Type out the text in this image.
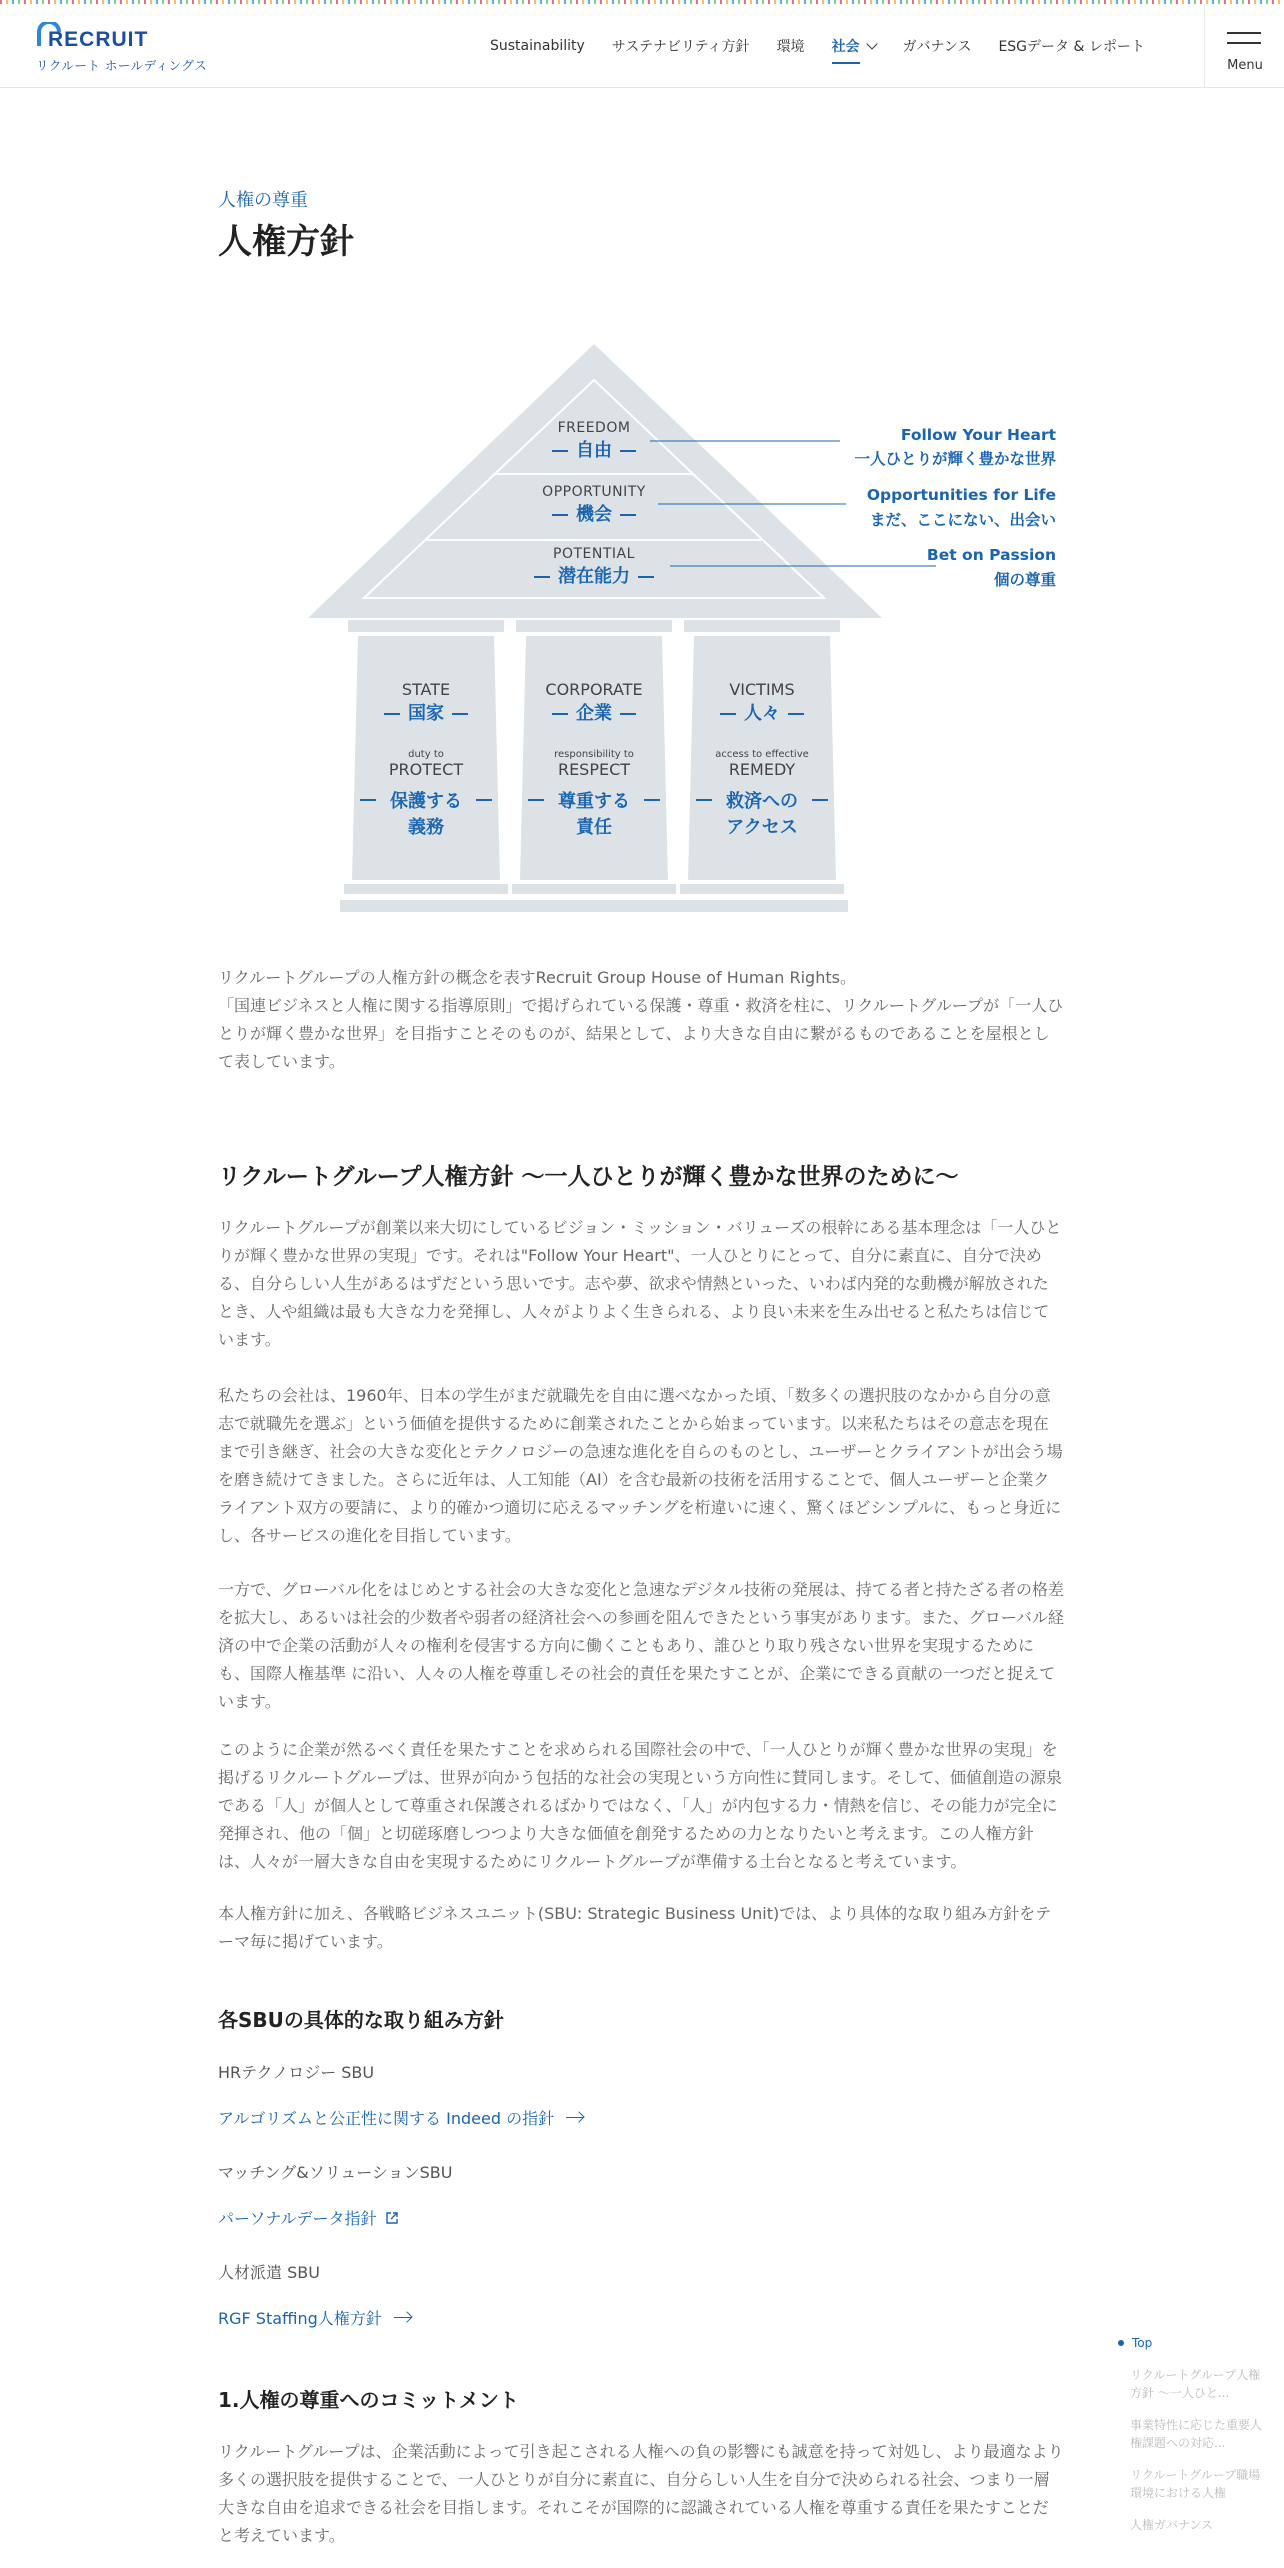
RECRUIT
リクルート ホールディングス
Sustainability サステナビリティ方針 環境 社会	ガバナンス ESGデータ & レポート
Menu
人権の尊重
人権方針
FREEDOM
自由
OPPORTUNITY
機会
POTENTIAL
潜在能力
Follow Your Heart
一人ひとりが輝く豊かな世界
Opportunities for Life
まだ、ここにない、出会い
Bet on Passion
個の尊重
STATE
国家
duty to
PROTECT
保護する
義務
CORPORATE
企業
responsibility to
RESPECT
尊重する
責任
VICTIMS
人々
access to effective
REMEDY
救済への
アクセス
リクルートグループの人権方針の概念を表すRecruit Group House of Human Rights。
「国連ビジネスと人権に関する指導原則」で掲げられている保護・尊重・救済を柱に、リクルートグループが「一人ひとりが輝く豊かな世界」を目指すことそのものが、結果として、より大きな自由に繋がるものであることを屋根として表しています。
リクルートグループ人権方針 〜一人ひとりが輝く豊かな世界のために〜

リクルートグループが創業以来大切にしているビジョン・ミッション・バリューズの根幹にある基本理念は「一人ひとりが輝く豊かな世界の実現」です。それは"Follow Your Heart"、一人ひとりにとって、自分に素直に、自分で決める、自分らしい人生があるはずだという思いです。志や夢、欲求や情熱といった、いわば内発的な動機が解放されたとき、人や組織は最も大きな力を発揮し、人々がよりよく生きられる、より良い未来を生み出せると私たちは信じています。

私たちの会社は、1960年、日本の学生がまだ就職先を自由に選べなかった頃、「数多くの選択肢のなかから自分の意志で就職先を選ぶ」という価値を提供するために創業されたことから始まっています。以来私たちはその意志を現在まで引き継ぎ、社会の大きな変化とテクノロジーの急速な進化を自らのものとし、ユーザーとクライアントが出会う場を磨き続けてきました。さらに近年は、人工知能（AI）を含む最新の技術を活用することで、個人ユーザーと企業クライアント双方の要請に、より的確かつ適切に応えるマッチングを桁違いに速く、驚くほどシンプルに、もっと身近にし、各サービスの進化を目指しています。

一方で、グローバル化をはじめとする社会の大きな変化と急速なデジタル技術の発展は、持てる者と持たざる者の格差を拡大し、あるいは社会的少数者や弱者の経済社会への参画を阻んできたという事実があります。また、グローバル経済の中で企業の活動が人々の権利を侵害する方向に働くこともあり、誰ひとり取り残さない世界を実現するためにも、国際人権基準 に沿い、人々の人権を尊重しその社会的責任を果たすことが、企業にできる貢献の一つだと捉えています。

このように企業が然るべく責任を果たすことを求められる国際社会の中で、「一人ひとりが輝く豊かな世界の実現」を掲げるリクルートグループは、世界が向かう包括的な社会の実現という方向性に賛同します。そして、価値創造の源泉である「人」が個人として尊重され保護されるばかりではなく、「人」が内包する力・情熱を信じ、その能力が完全に発揮され、他の「個」と切磋琢磨しつつより大きな価値を創発するための力となりたいと考えます。この人権方針は、人々が一層大きな自由を実現するためにリクルートグループが準備する土台となると考えています。

本人権方針に加え、各戦略ビジネスユニット(SBU: Strategic Business Unit)では、より具体的な取り組み方針をテーマ毎に掲げています。

各SBUの具体的な取り組み方針
HRテクノロジー SBU
アルゴリズムと公正性に関する Indeed の指針
マッチング&ソリューションSBU
パーソナルデータ指針
人材派遣 SBU
RGF Staffing人権方針
1.人権の尊重へのコミットメント

リクルートグループは、企業活動によって引き起こされる人権への負の影響にも誠意を持って対処し、より最適なより多くの選択肢を提供することで、一人ひとりが自分に素直に、自分らしい人生を自分で決められる社会、つまり一層大きな自由を追求できる社会を目指します。それこそが国際的に認識されている人権を尊重する責任を果たすことだと考えています。

Top
リクルートグループ人権方針 〜一人ひと...
事業特性に応じた重要人権課題への対応...
リクルートグループ職場環境における人権
人権ガバナンス
